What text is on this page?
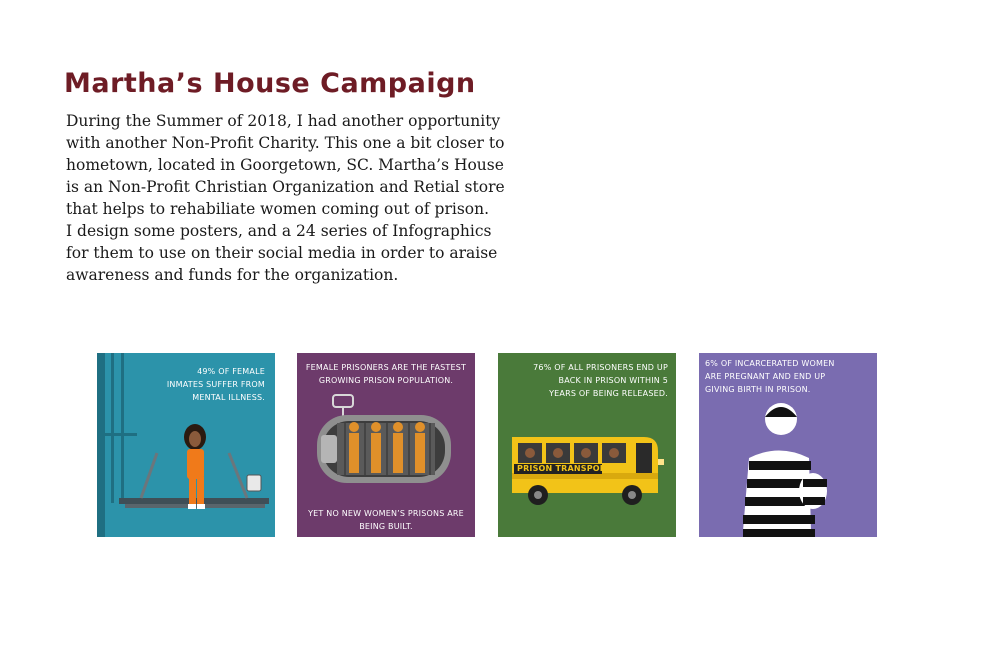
Martha’s House Campaign
During the Summer of 2018, I had another opportunity
with another Non-Profit Charity. This one a bit closer to
hometown, located in Goorgetown, SC. Martha’s House
is an Non-Profit Christian Organization and Retial store
that helps to rehabiliate women coming out of prison.
I design some posters, and a 24 series of Infographics
for them to use on their social media in order to araise
awareness and funds for the organization.
49% OF FEMALE
INMATES SUFFER FROM
MENTAL ILLNESS.
FEMALE PRISONERS ARE THE FASTEST
GROWING PRISON POPULATION.
YET NO NEW WOMEN’S PRISONS ARE
BEING BUILT.
PRISON TRANSPORT
76% OF ALL PRISONERS END UP
BACK IN PRISON WITHIN 5
YEARS OF BEING RELEASED.
6% OF INCARCERATED WOMEN
ARE PREGNANT AND END UP
GIVING BIRTH IN PRISON.
